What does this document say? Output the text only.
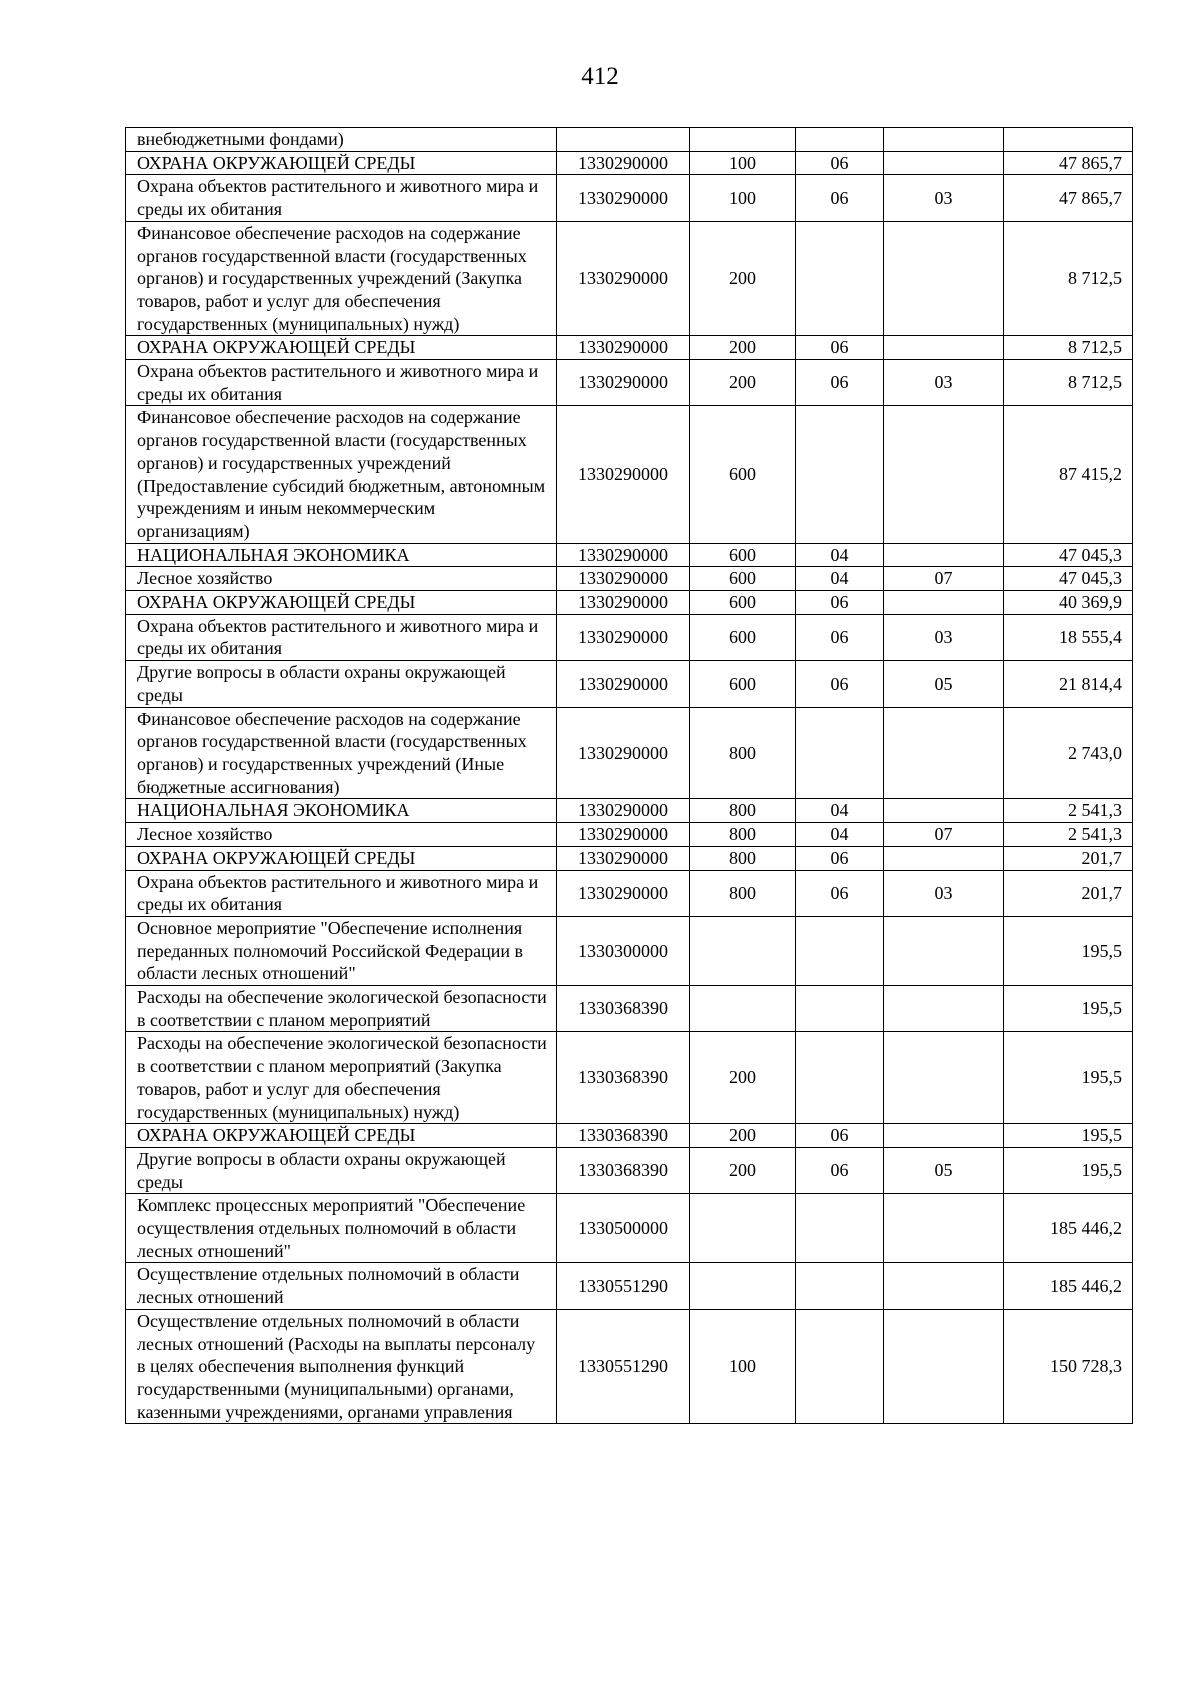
412
внебюджетными фондами)					
ОХРАНА ОКРУЖАЮЩЕЙ СРЕДЫ	1330290000	100	06		47 865,7
Охрана объектов растительного и животного мира и среды их обитания	1330290000	100	06	03	47 865,7
Финансовое обеспечение расходов на содержание органов государственной власти (государственных органов) и государственных учреждений (Закупка товаров, работ и услуг для обеспечения государственных (муниципальных) нужд)	1330290000	200			8 712,5
ОХРАНА ОКРУЖАЮЩЕЙ СРЕДЫ	1330290000	200	06		8 712,5
Охрана объектов растительного и животного мира и среды их обитания	1330290000	200	06	03	8 712,5
Финансовое обеспечение расходов на содержание органов государственной власти (государственных органов) и государственных учреждений (Предоставление субсидий бюджетным, автономным учреждениям и иным некоммерческим организациям)	1330290000	600			87 415,2
НАЦИОНАЛЬНАЯ ЭКОНОМИКА	1330290000	600	04		47 045,3
Лесное хозяйство	1330290000	600	04	07	47 045,3
ОХРАНА ОКРУЖАЮЩЕЙ СРЕДЫ	1330290000	600	06		40 369,9
Охрана объектов растительного и животного мира и среды их обитания	1330290000	600	06	03	18 555,4
Другие вопросы в области охраны окружающей среды	1330290000	600	06	05	21 814,4
Финансовое обеспечение расходов на содержание органов государственной власти (государственных органов) и государственных учреждений (Иные бюджетные ассигнования)	1330290000	800			2 743,0
НАЦИОНАЛЬНАЯ ЭКОНОМИКА	1330290000	800	04		2 541,3
Лесное хозяйство	1330290000	800	04	07	2 541,3
ОХРАНА ОКРУЖАЮЩЕЙ СРЕДЫ	1330290000	800	06		201,7
Охрана объектов растительного и животного мира и среды их обитания	1330290000	800	06	03	201,7
Основное мероприятие "Обеспечение исполнения переданных полномочий Российской Федерации в области лесных отношений"	1330300000				195,5
Расходы на обеспечение экологической безопасности в соответствии с планом мероприятий	1330368390				195,5
Расходы на обеспечение экологической безопасности в соответствии с планом мероприятий (Закупка товаров, работ и услуг для обеспечения государственных (муниципальных) нужд)	1330368390	200			195,5
ОХРАНА ОКРУЖАЮЩЕЙ СРЕДЫ	1330368390	200	06		195,5
Другие вопросы в области охраны окружающей среды	1330368390	200	06	05	195,5
Комплекс процессных мероприятий "Обеспечение осуществления отдельных полномочий в области лесных отношений"	1330500000				185 446,2
Осуществление отдельных полномочий в области лесных отношений	1330551290				185 446,2
Осуществление отдельных полномочий в области лесных отношений (Расходы на выплаты персоналу в целях обеспечения выполнения функций государственными (муниципальными) органами, казенными учреждениями, органами управления	1330551290	100			150 728,3
